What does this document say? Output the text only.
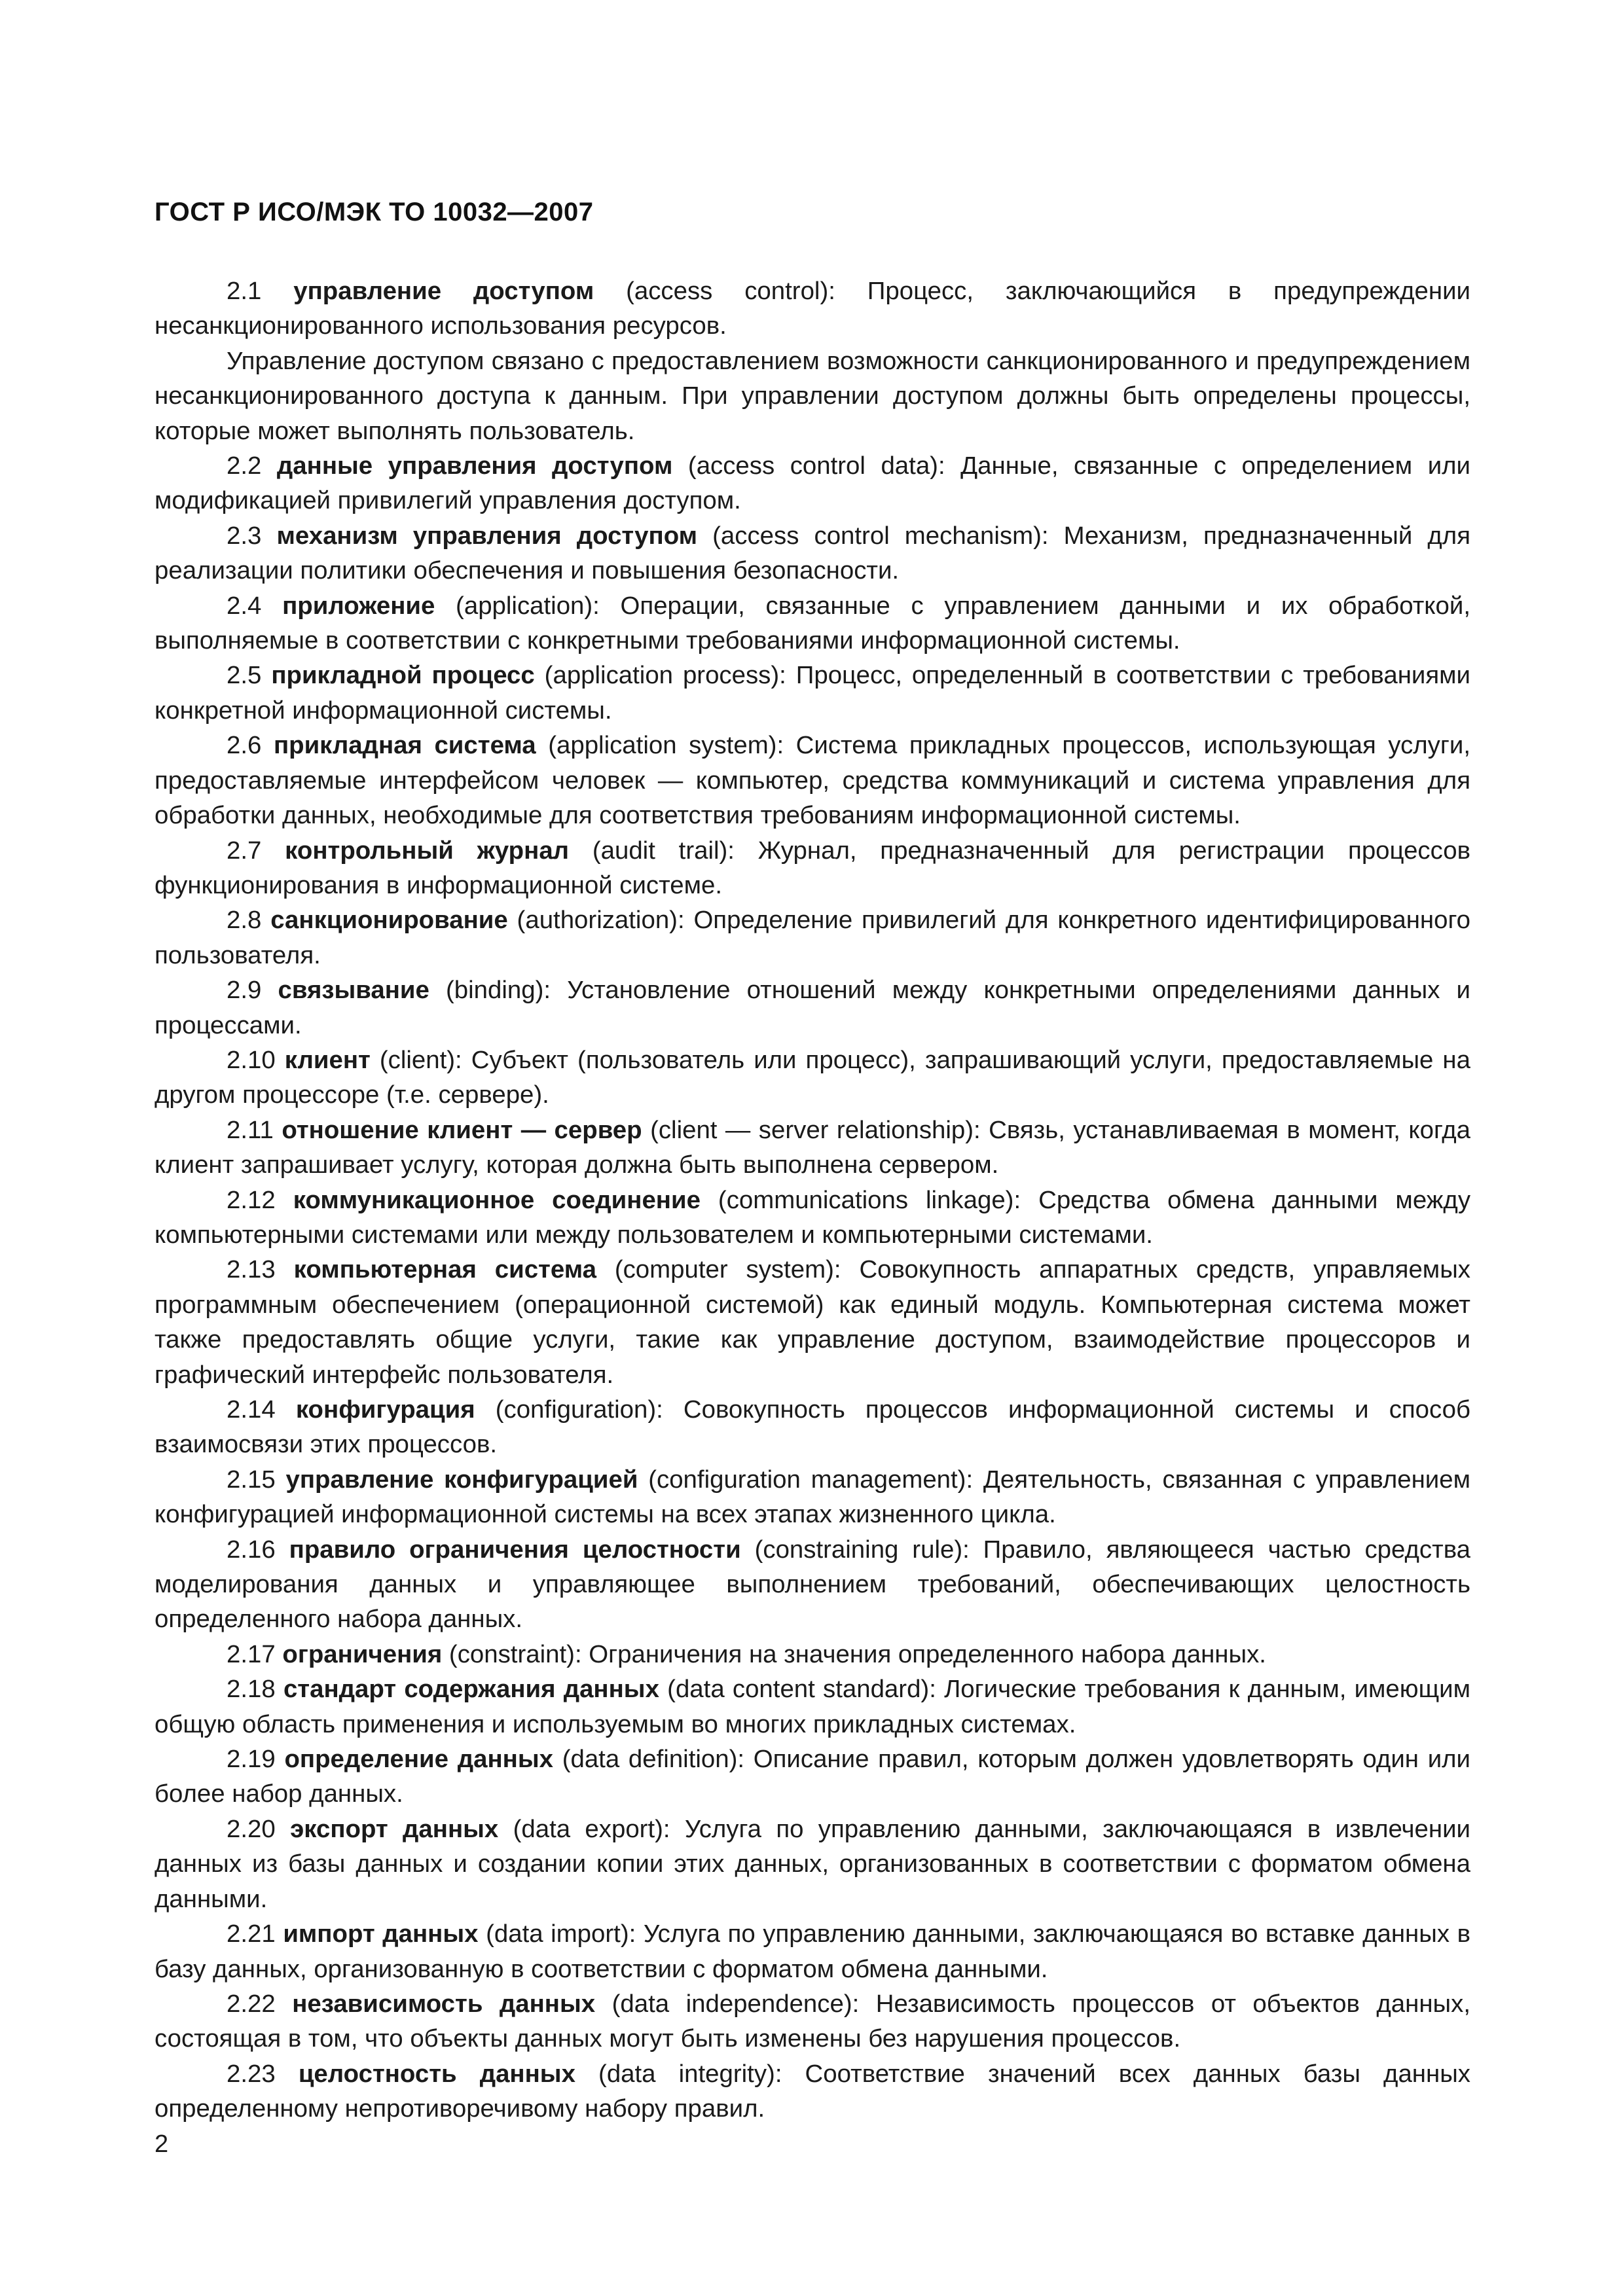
ГОСТ Р ИСО/МЭК ТО 10032—2007

2.1 управление доступом (access control): Процесс, заключающийся в предупреждении несанкционированного использования ресурсов.

Управление доступом связано с предоставлением возможности санкционированного и предупреждением несанкционированного доступа к данным. При управлении доступом должны быть определены процессы, которые может выполнять пользователь.

2.2 данные управления доступом (access control data): Данные, связанные с определением или модификацией привилегий управления доступом.

2.3 механизм управления доступом (access control mechanism): Механизм, предназначенный для реализации политики обеспечения и повышения безопасности.

2.4 приложение (application): Операции, связанные с управлением данными и их обработкой, выполняемые в соответствии с конкретными требованиями информационной системы.

2.5 прикладной процесс (application process): Процесс, определенный в соответствии с требованиями конкретной информационной системы.

2.6 прикладная система (application system): Система прикладных процессов, использующая услуги, предоставляемые интерфейсом человек — компьютер, средства коммуникаций и система управления для обработки данных, необходимые для соответствия требованиям информационной системы.

2.7 контрольный журнал (audit trail): Журнал, предназначенный для регистрации процессов функционирования в информационной системе.

2.8 санкционирование (authorization): Определение привилегий для конкретного идентифицированного пользователя.

2.9 связывание (binding): Установление отношений между конкретными определениями данных и процессами.

2.10 клиент (client): Субъект (пользователь или процесс), запрашивающий услуги, предоставляемые на другом процессоре (т.е. сервере).

2.11 отношение клиент — сервер (client — server relationship): Связь, устанавливаемая в момент, когда клиент запрашивает услугу, которая должна быть выполнена сервером.

2.12 коммуникационное соединение (communications linkage): Средства обмена данными между компьютерными системами или между пользователем и компьютерными системами.

2.13 компьютерная система (computer system): Совокупность аппаратных средств, управляемых программным обеспечением (операционной системой) как единый модуль. Компьютерная система может также предоставлять общие услуги, такие как управление доступом, взаимодействие процессоров и графический интерфейс пользователя.

2.14 конфигурация (configuration): Совокупность процессов информационной системы и способ взаимосвязи этих процессов.

2.15 управление конфигурацией (configuration management): Деятельность, связанная с управлением конфигурацией информационной системы на всех этапах жизненного цикла.

2.16 правило ограничения целостности (constraining rule): Правило, являющееся частью средства моделирования данных и управляющее выполнением требований, обеспечивающих целостность определенного набора данных.

2.17 ограничения (constraint): Ограничения на значения определенного набора данных.

2.18 стандарт содержания данных (data content standard): Логические требования к данным, имеющим общую область применения и используемым во многих прикладных системах.

2.19 определение данных (data definition): Описание правил, которым должен удовлетворять один или более набор данных.

2.20 экспорт данных (data export): Услуга по управлению данными, заключающаяся в извлечении данных из базы данных и создании копии этих данных, организованных в соответствии с форматом обмена данными.

2.21 импорт данных (data import): Услуга по управлению данными, заключающаяся во вставке данных в базу данных, организованную в соответствии с форматом обмена данными.

2.22 независимость данных (data independence): Независимость процессов от объектов данных, состоящая в том, что объекты данных могут быть изменены без нарушения процессов.

2.23 целостность данных (data integrity): Соответствие значений всех данных базы данных определенному непротиворечивому набору правил.

2
